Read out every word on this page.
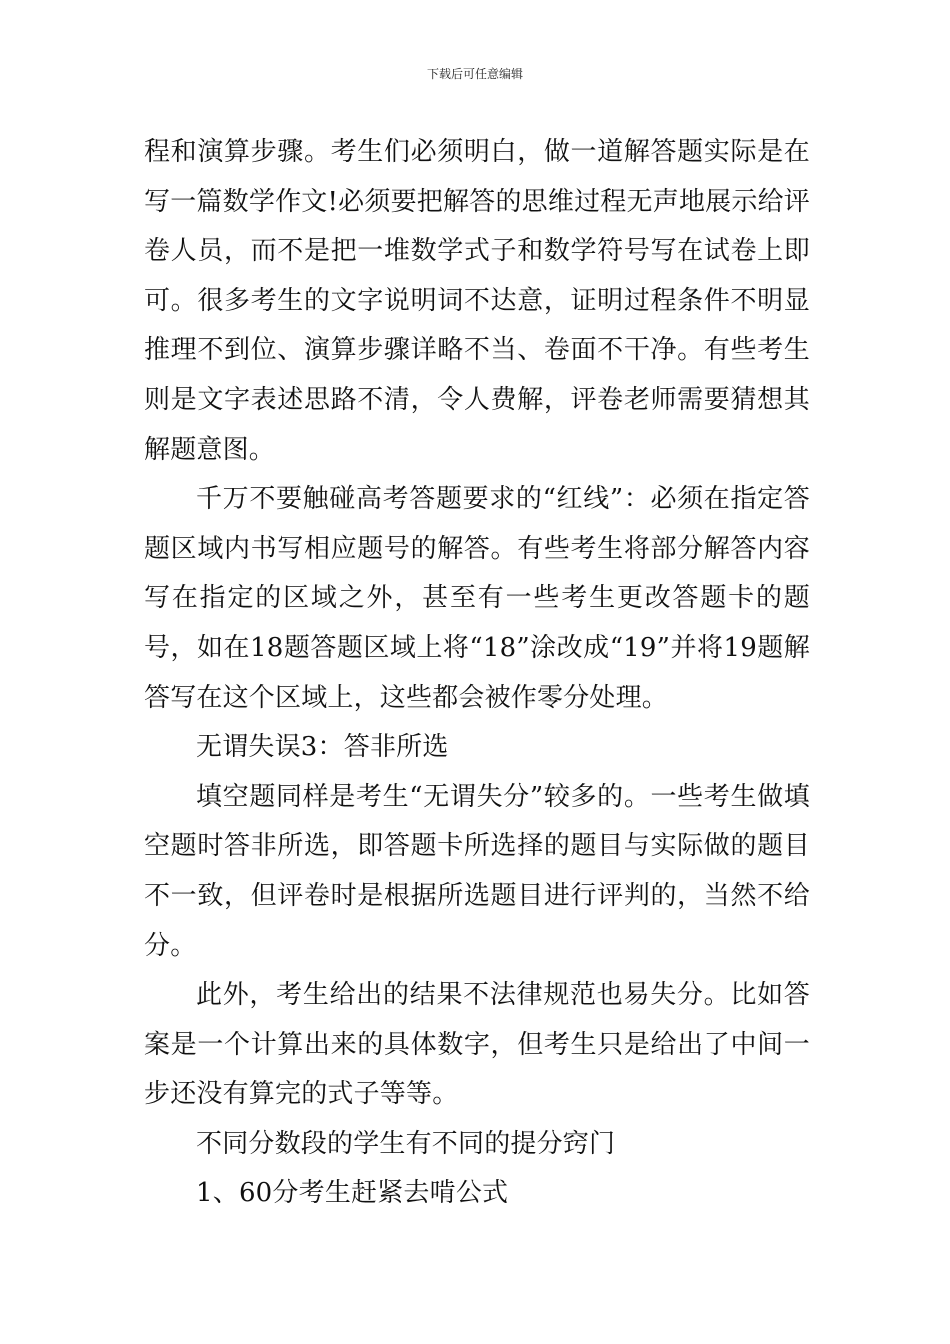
下载后可任意编辑

程和演算步骤。考生们必须明白，做一道解答题实际是在写一篇数学作文!必须要把解答的思维过程无声地展示给评卷人员，而不是把一堆数学式子和数学符号写在试卷上即可。很多考生的文字说明词不达意，证明过程条件不明显推理不到位、演算步骤详略不当、卷面不干净。有些考生则是文字表述思路不清，令人费解，评卷老师需要猜想其解题意图。

千万不要触碰高考答题要求的“红线”：必须在指定答题区域内书写相应题号的解答。有些考生将部分解答内容写在指定的区域之外，甚至有一些考生更改答题卡的题号，如在18题答题区域上将“18”涂改成“19”并将19题解答写在这个区域上，这些都会被作零分处理。

无谓失误3：答非所选

填空题同样是考生“无谓失分”较多的。一些考生做填空题时答非所选，即答题卡所选择的题目与实际做的题目不一致，但评卷时是根据所选题目进行评判的，当然不给分。

此外，考生给出的结果不法律规范也易失分。比如答案是一个计算出来的具体数字，但考生只是给出了中间一步还没有算完的式子等等。

不同分数段的学生有不同的提分窍门

1、60分考生赶紧去啃公式
